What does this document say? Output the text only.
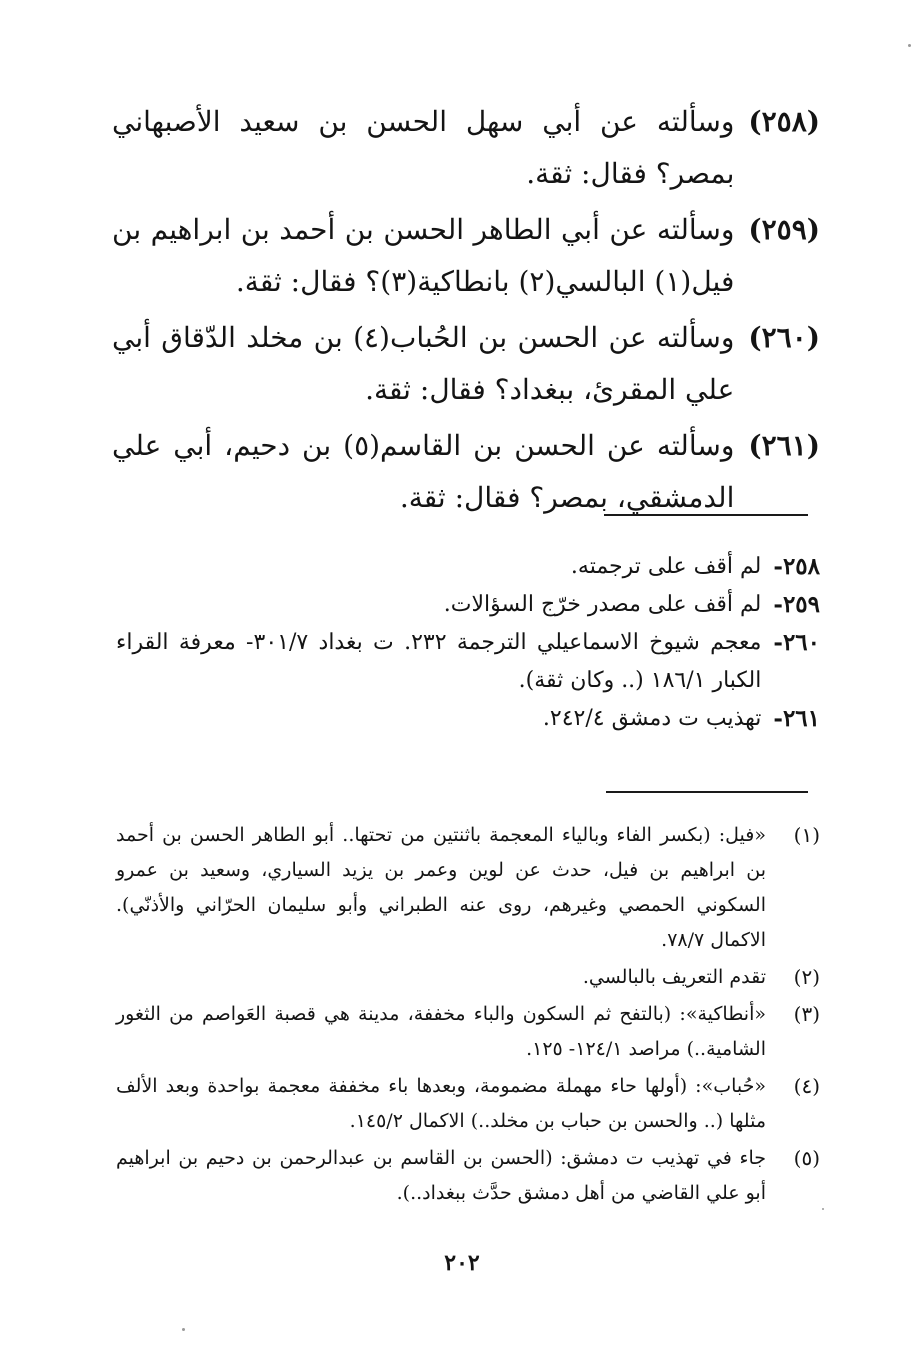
(٢٥٨)
وسألته عن أبي سهل الحسن بن سعيد الأصبهاني بمصر؟ فقال: ثقة.
(٢٥٩)
وسألته عن أبي الطاهر الحسن بن أحمد بن ابراهيم بن فيل(١) البالسي(٢) بانطاكية(٣)؟ فقال: ثقة.
(٢٦٠)
وسألته عن الحسن بن الحُباب(٤) بن مخلد الدّقاق أبي علي المقرئ، ببغداد؟ فقال: ثقة.
(٢٦١)
وسألته عن الحسن بن القاسم(٥) بن دحيم، أبي علي الدمشقي، بمصر؟ فقال: ثقة.
٢٥٨-
لم أقف على ترجمته.
٢٥٩-
لم أقف على مصدر خرّج السؤالات.
٢٦٠-
معجم شيوخ الاسماعيلي الترجمة ٢٣٢. ت بغداد ٣٠١/٧- معرفة القراء الكبار ١٨٦/١ (.. وكان ثقة).
٢٦١-
تهذيب ت دمشق ٢٤٢/٤.
(١)
«فيل: (بكسر الفاء وبالياء المعجمة باثنتين من تحتها.. أبو الطاهر الحسن بن أحمد بن ابراهيم بن فيل، حدث عن لوين وعمر بن يزيد السياري، وسعيد بن عمرو السكوني الحمصي وغيرهم، روى عنه الطبراني وأبو سليمان الحرّاني والأذنّي). الاكمال ٧٨/٧.
(٢)
تقدم التعريف بالبالسي.
(٣)
«أنطاكية»: (بالتفح ثم السكون والباء مخففة، مدينة هي قصبة العَواصم من الثغور الشامية..) مراصد ١٢٤/١- ١٢٥.
(٤)
«حُباب»: (أولها حاء مهملة مضمومة، وبعدها باء مخففة معجمة بواحدة وبعد الألف مثلها (.. والحسن بن حباب بن مخلد..) الاكمال ١٤٥/٢.
(٥)
جاء في تهذيب ت دمشق: (الحسن بن القاسم بن عبدالرحمن بن دحيم بن ابراهيم أبو علي القاضي من أهل دمشق حدَّث ببغداد..).
٢٠٢
